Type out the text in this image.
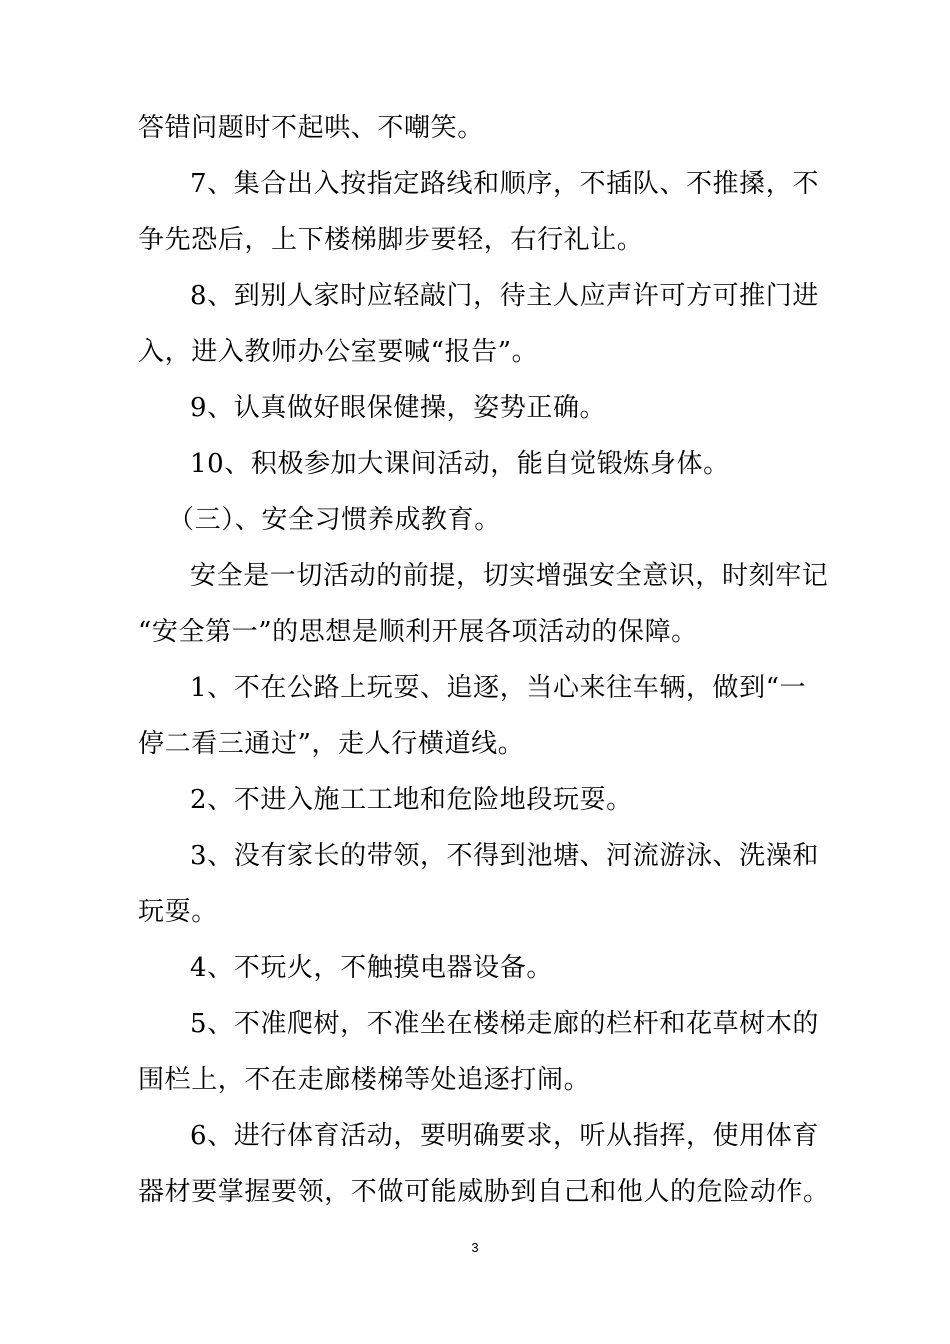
答错问题时不起哄、不嘲笑。
7、集合出入按指定路线和顺序，不插队、不推搡，不
争先恐后，上下楼梯脚步要轻，右行礼让。
8、到别人家时应轻敲门，待主人应声许可方可推门进
入，进入教师办公室要喊“报告”。
9、认真做好眼保健操，姿势正确。
10、积极参加大课间活动，能自觉锻炼身体。
（三）、安全习惯养成教育。
安全是一切活动的前提，切实增强安全意识，时刻牢记
“安全第一”的思想是顺利开展各项活动的保障。
1、不在公路上玩耍、追逐，当心来往车辆，做到“一
停二看三通过”，走人行横道线。
2、不进入施工工地和危险地段玩耍。
3、没有家长的带领，不得到池塘、河流游泳、洗澡和
玩耍。
4、不玩火，不触摸电器设备。
5、不准爬树，不准坐在楼梯走廊的栏杆和花草树木的
围栏上，不在走廊楼梯等处追逐打闹。
6、进行体育活动，要明确要求，听从指挥，使用体育
器材要掌握要领，不做可能威胁到自己和他人的危险动作。
3
